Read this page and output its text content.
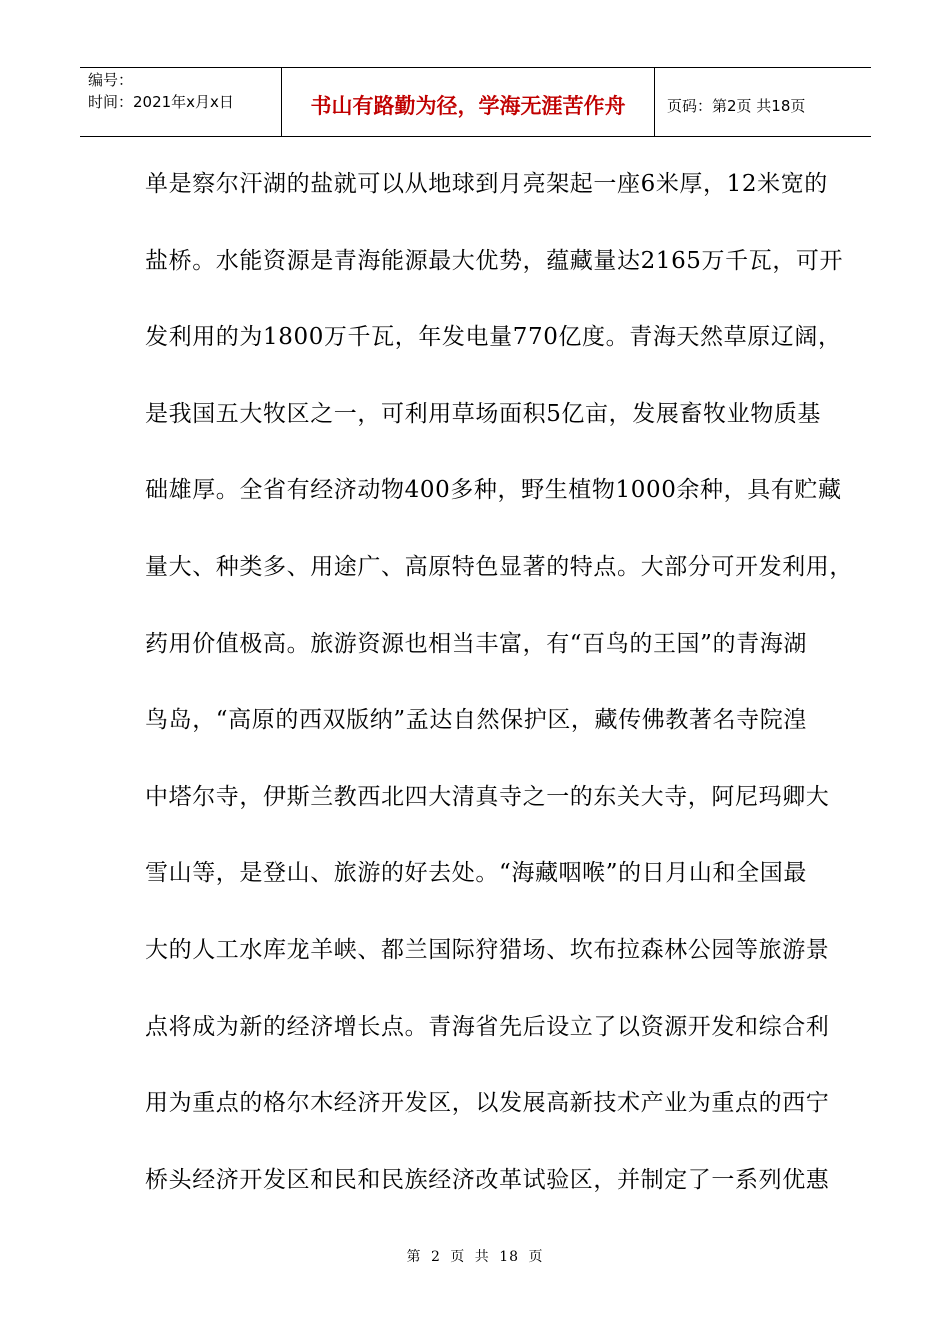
编号：
时间：2021年x月x日	书山有路勤为径，学海无涯苦作舟	页码：第2页 共18页
单是察尔汗湖的盐就可以从地球到月亮架起一座6米厚，12米宽的
盐桥。水能资源是青海能源最大优势，蕴藏量达2165万千瓦，可开
发利用的为1800万千瓦，年发电量770亿度。青海天然草原辽阔，
是我国五大牧区之一，可利用草场面积5亿亩，发展畜牧业物质基
础雄厚。全省有经济动物400多种，野生植物1000余种，具有贮藏
量大、种类多、用途广、高原特色显著的特点。大部分可开发利用，
药用价值极高。旅游资源也相当丰富，有“百鸟的王国”的青海湖
鸟岛，“高原的西双版纳”孟达自然保护区，藏传佛教著名寺院湟
中塔尔寺，伊斯兰教西北四大清真寺之一的东关大寺，阿尼玛卿大
雪山等，是登山、旅游的好去处。“海藏咽喉”的日月山和全国最
大的人工水库龙羊峡、都兰国际狩猎场、坎布拉森林公园等旅游景
点将成为新的经济增长点。青海省先后设立了以资源开发和综合利
用为重点的格尔木经济开发区，以发展高新技术产业为重点的西宁
桥头经济开发区和民和民族经济改革试验区，并制定了一系列优惠
第 2 页 共 18 页
